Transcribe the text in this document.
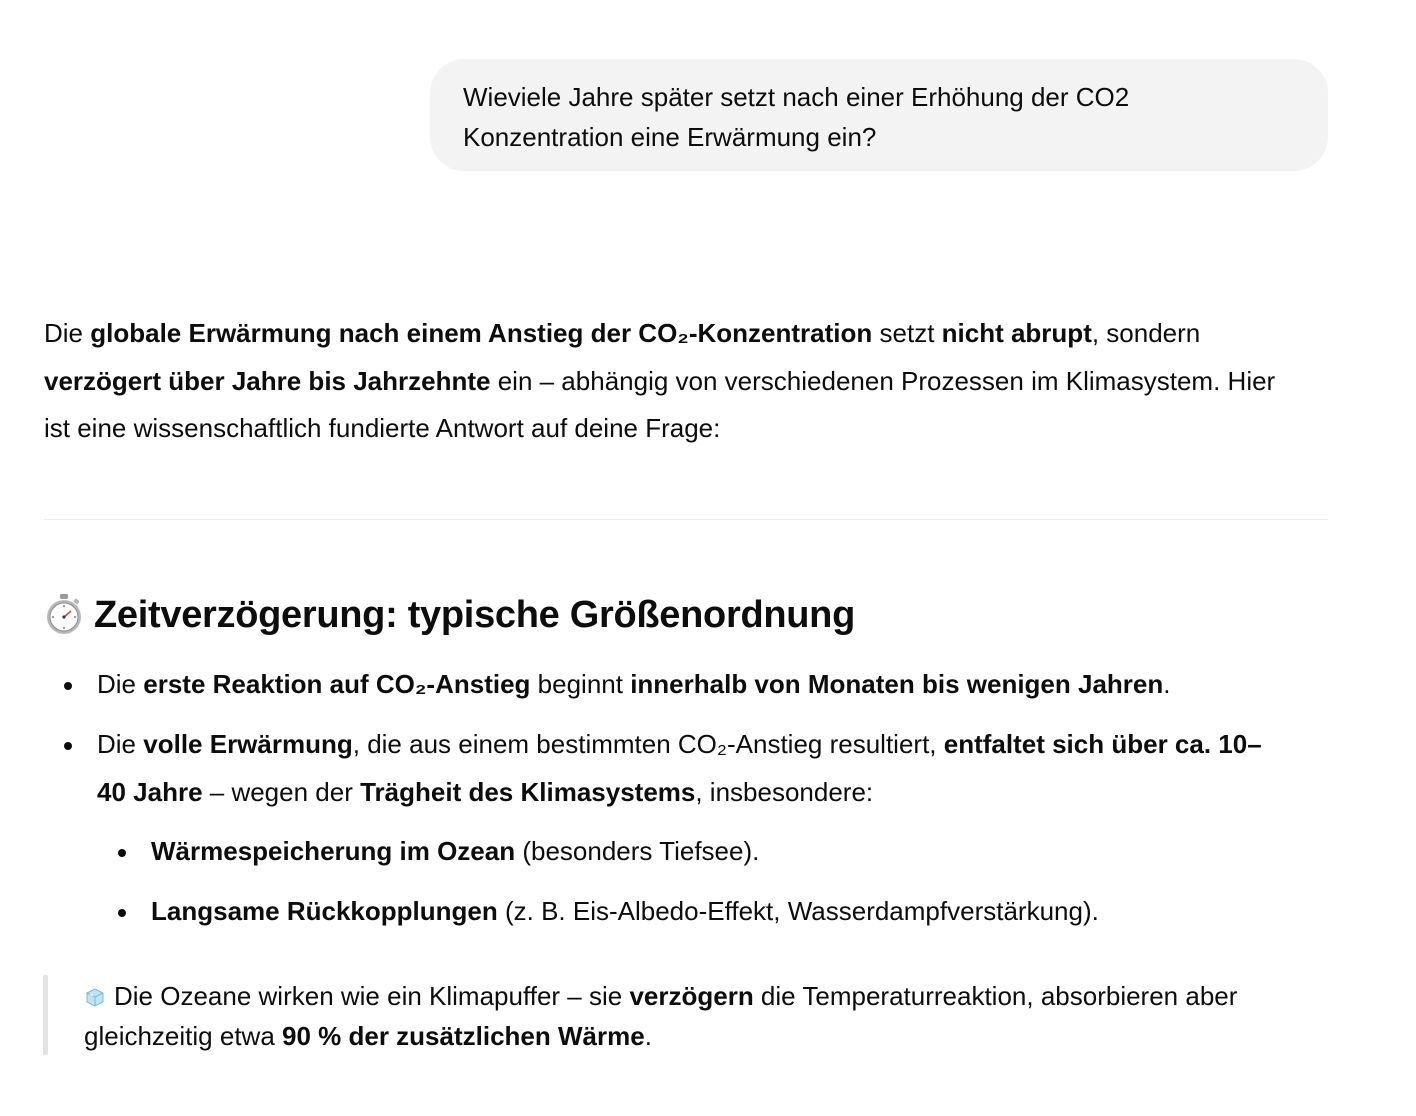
Wieviele Jahre später setzt nach einer Erhöhung der CO2
Konzentration eine Erwärmung ein?

Die globale Erwärmung nach einem Anstieg der CO₂-Konzentration setzt nicht abrupt, sondern

verzögert über Jahre bis Jahrzehnte ein – abhängig von verschiedenen Prozessen im Klimasystem. Hier

ist eine wissenschaftlich fundierte Antwort auf deine Frage:

Zeitverzögerung: typische Größenordnung
Die erste Reaktion auf CO₂-Anstieg beginnt innerhalb von Monaten bis wenigen Jahren.
Die volle Erwärmung, die aus einem bestimmten CO₂-Anstieg resultiert, entfaltet sich über ca. 10–
40 Jahre – wegen der Trägheit des Klimasystems, insbesondere:
Wärmespeicherung im Ozean (besonders Tiefsee).
Langsame Rückkopplungen (z. B. Eis-Albedo-Effekt, Wasserdampfverstärkung).
Die Ozeane wirken wie ein Klimapuffer – sie verzögern die Temperaturreaktion, absorbieren aber
gleichzeitig etwa 90 % der zusätzlichen Wärme.
